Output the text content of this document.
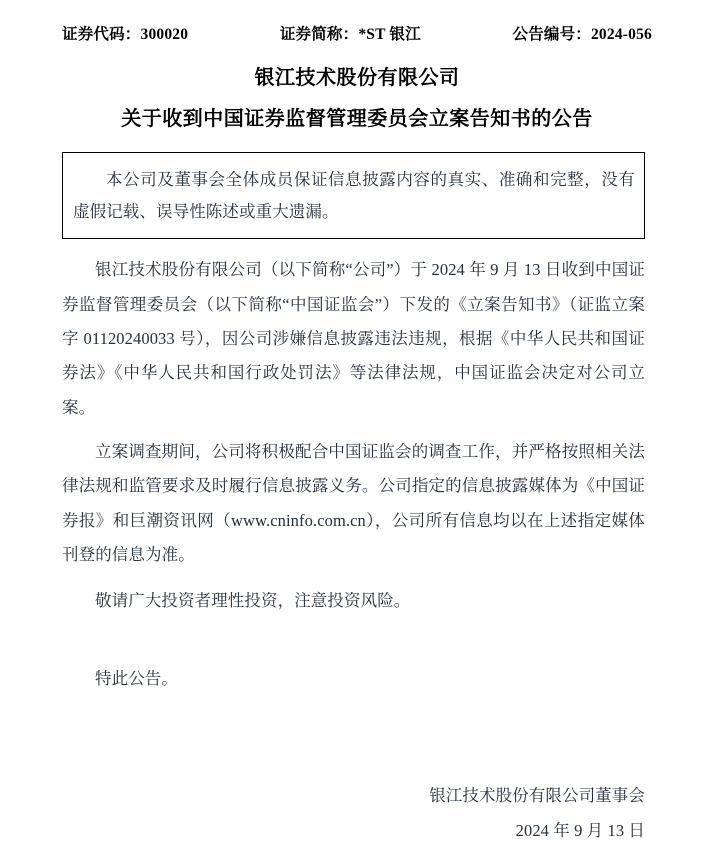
证券代码：300020	证券简称：*ST 银江	公告编号：2024-056
银江技术股份有限公司
关于收到中国证券监督管理委员会立案告知书的公告
本公司及董事会全体成员保证信息披露内容的真实、准确和完整，没有虚假记载、误导性陈述或重大遗漏。

银江技术股份有限公司（以下简称“公司”）于 2024 年 9 月 13 日收到中国证券监督管理委员会（以下简称“中国证监会”）下发的《立案告知书》（证监立案字 01120240033 号），因公司涉嫌信息披露违法违规，根据《中华人民共和国证券法》《中华人民共和国行政处罚法》等法律法规，中国证监会决定对公司立案。

立案调查期间，公司将积极配合中国证监会的调查工作，并严格按照相关法律法规和监管要求及时履行信息披露义务。公司指定的信息披露媒体为《中国证券报》和巨潮资讯网（www.cninfo.com.cn），公司所有信息均以在上述指定媒体刊登的信息为准。

敬请广大投资者理性投资，注意投资风险。

特此公告。

银江技术股份有限公司董事会
2024 年 9 月 13 日
